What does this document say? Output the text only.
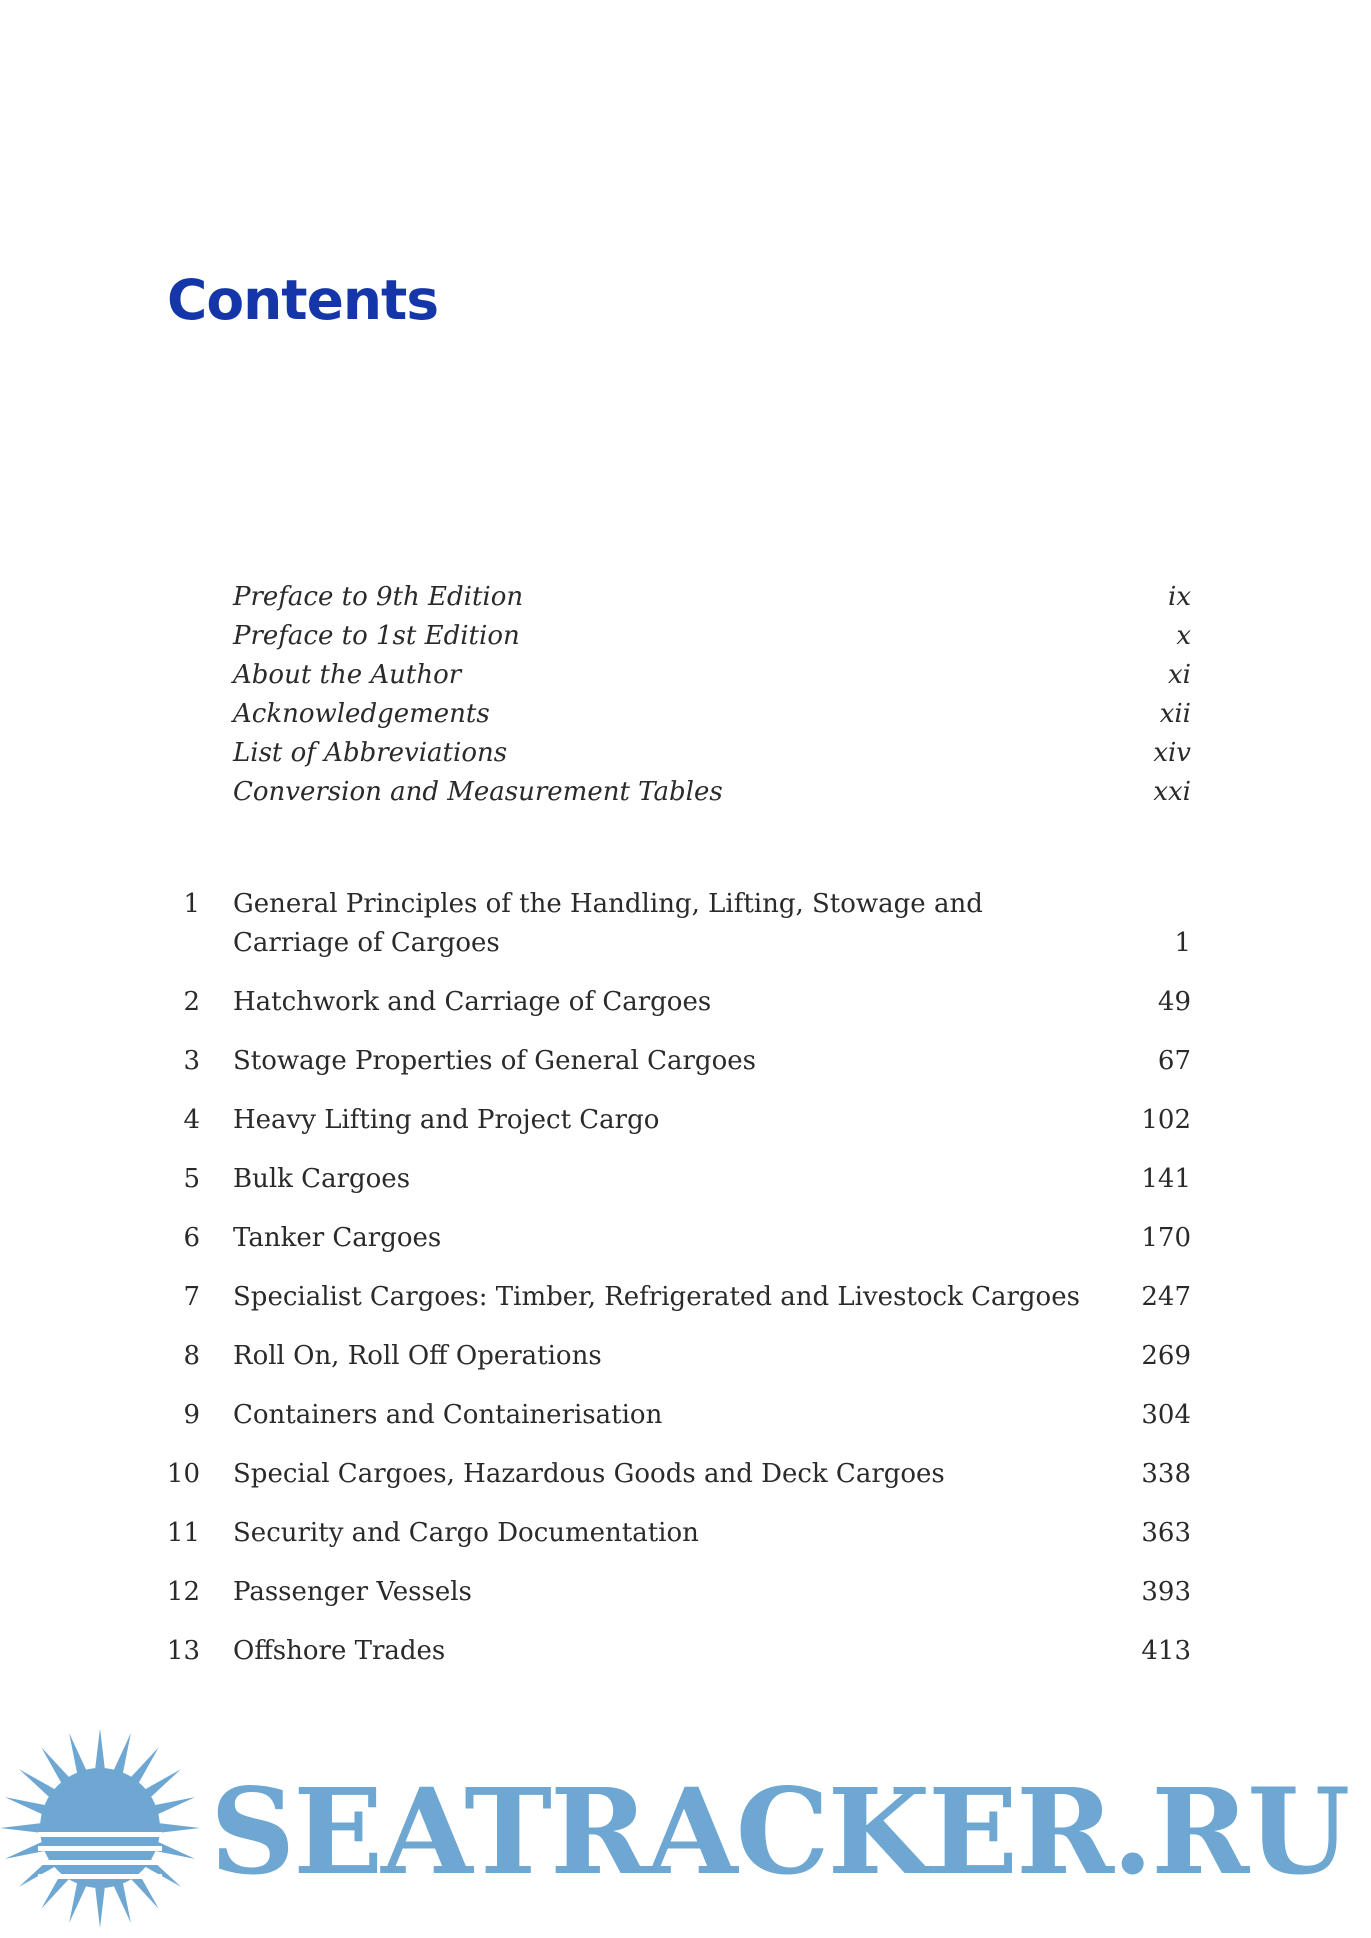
Contents
Preface to 9th Edition	ix
Preface to 1st Edition	x
About the Author	xi
Acknowledgements	xii
List of Abbreviations	xiv
Conversion and Measurement Tables	xxi
1 General Principles of the Handling, Lifting, Stowage and
Carriage of Cargoes	1
2 Hatchwork and Carriage of Cargoes	49
3 Stowage Properties of General Cargoes	67
4 Heavy Lifting and Project Cargo	102
5 Bulk Cargoes	141
6 Tanker Cargoes	170
7 Specialist Cargoes: Timber, Refrigerated and Livestock Cargoes 247
8 Roll On, Roll Off Operations	269
9 Containers and Containerisation	304
10 Special Cargoes, Hazardous Goods and Deck Cargoes	338
11 Security and Cargo Documentation	363
12 Passenger Vessels	393
13 Offshore Trades	413
SEATRACKER.RU
